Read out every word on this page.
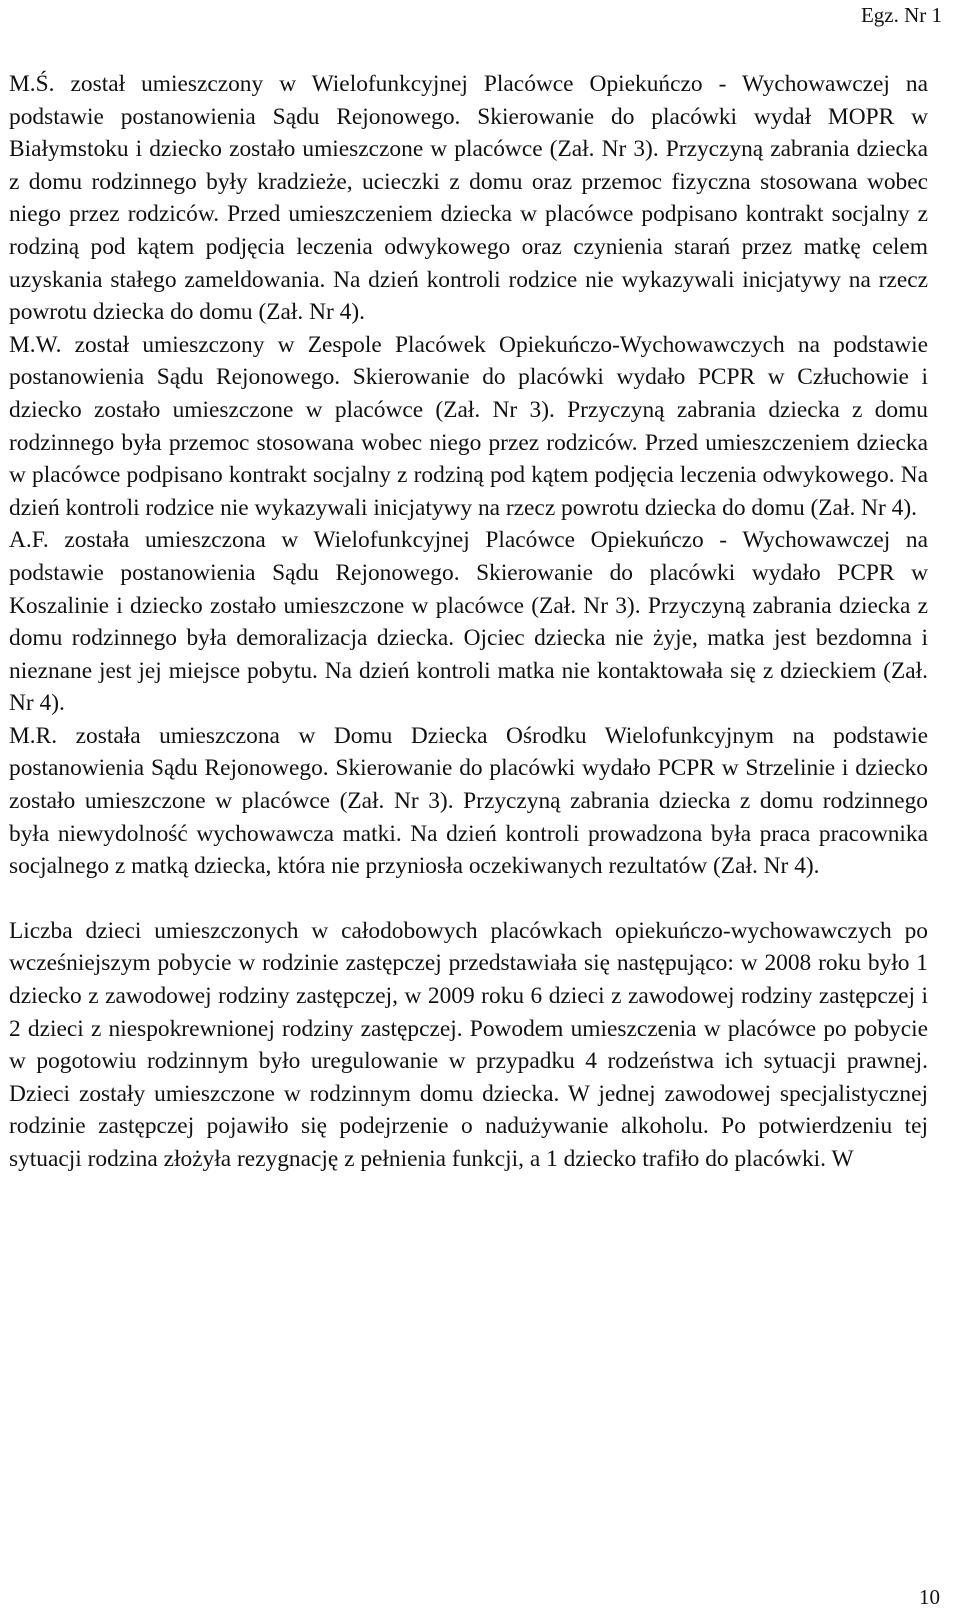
Egz. Nr 1

M.Ś. został umieszczony w Wielofunkcyjnej Placówce Opiekuńczo - Wychowawczej na podstawie postanowienia Sądu Rejonowego. Skierowanie do placówki wydał MOPR w Białymstoku i dziecko zostało umieszczone w placówce (Zał. Nr 3). Przyczyną zabrania dziecka z domu rodzinnego były kradzieże, ucieczki z domu oraz przemoc fizyczna stosowana wobec niego przez rodziców. Przed umieszczeniem dziecka w placówce podpisano kontrakt socjalny z rodziną pod kątem podjęcia leczenia odwykowego oraz czynienia starań przez matkę celem uzyskania stałego zameldowania. Na dzień kontroli rodzice nie wykazywali inicjatywy na rzecz powrotu dziecka do domu (Zał. Nr 4).

M.W. został umieszczony w Zespole Placówek Opiekuńczo-Wychowawczych na podstawie postanowienia Sądu Rejonowego. Skierowanie do placówki wydało PCPR w Człuchowie i dziecko zostało umieszczone w placówce (Zał. Nr 3). Przyczyną zabrania dziecka z domu rodzinnego była przemoc stosowana wobec niego przez rodziców. Przed umieszczeniem dziecka w placówce podpisano kontrakt socjalny z rodziną pod kątem podjęcia leczenia odwykowego. Na dzień kontroli rodzice nie wykazywali inicjatywy na rzecz powrotu dziecka do domu (Zał. Nr 4).

A.F. została umieszczona w Wielofunkcyjnej Placówce Opiekuńczo - Wychowawczej na podstawie postanowienia Sądu Rejonowego. Skierowanie do placówki wydało PCPR w Koszalinie i dziecko zostało umieszczone w placówce (Zał. Nr 3). Przyczyną zabrania dziecka z domu rodzinnego była demoralizacja dziecka. Ojciec dziecka nie żyje, matka jest bezdomna i nieznane jest jej miejsce pobytu. Na dzień kontroli matka nie kontaktowała się z dzieckiem (Zał. Nr 4).

M.R. została umieszczona w Domu Dziecka Ośrodku Wielofunkcyjnym na podstawie postanowienia Sądu Rejonowego. Skierowanie do placówki wydało PCPR w Strzelinie i dziecko zostało umieszczone w placówce (Zał. Nr 3). Przyczyną zabrania dziecka z domu rodzinnego była niewydolność wychowawcza matki. Na dzień kontroli prowadzona była praca pracownika socjalnego z matką dziecka, która nie przyniosła oczekiwanych rezultatów (Zał. Nr 4).

Liczba dzieci umieszczonych w całodobowych placówkach opiekuńczo-wychowawczych po wcześniejszym pobycie w rodzinie zastępczej przedstawiała się następująco: w 2008 roku było 1 dziecko z zawodowej rodziny zastępczej, w 2009 roku 6 dzieci z zawodowej rodziny zastępczej i 2 dzieci z niespokrewnionej rodziny zastępczej. Powodem umieszczenia w placówce po pobycie w pogotowiu rodzinnym było uregulowanie w przypadku 4 rodzeństwa ich sytuacji prawnej. Dzieci zostały umieszczone w rodzinnym domu dziecka. W jednej zawodowej specjalistycznej rodzinie zastępczej pojawiło się podejrzenie o nadużywanie alkoholu. Po potwierdzeniu tej sytuacji rodzina złożyła rezygnację z pełnienia funkcji, a 1 dziecko trafiło do placówki. W

10
